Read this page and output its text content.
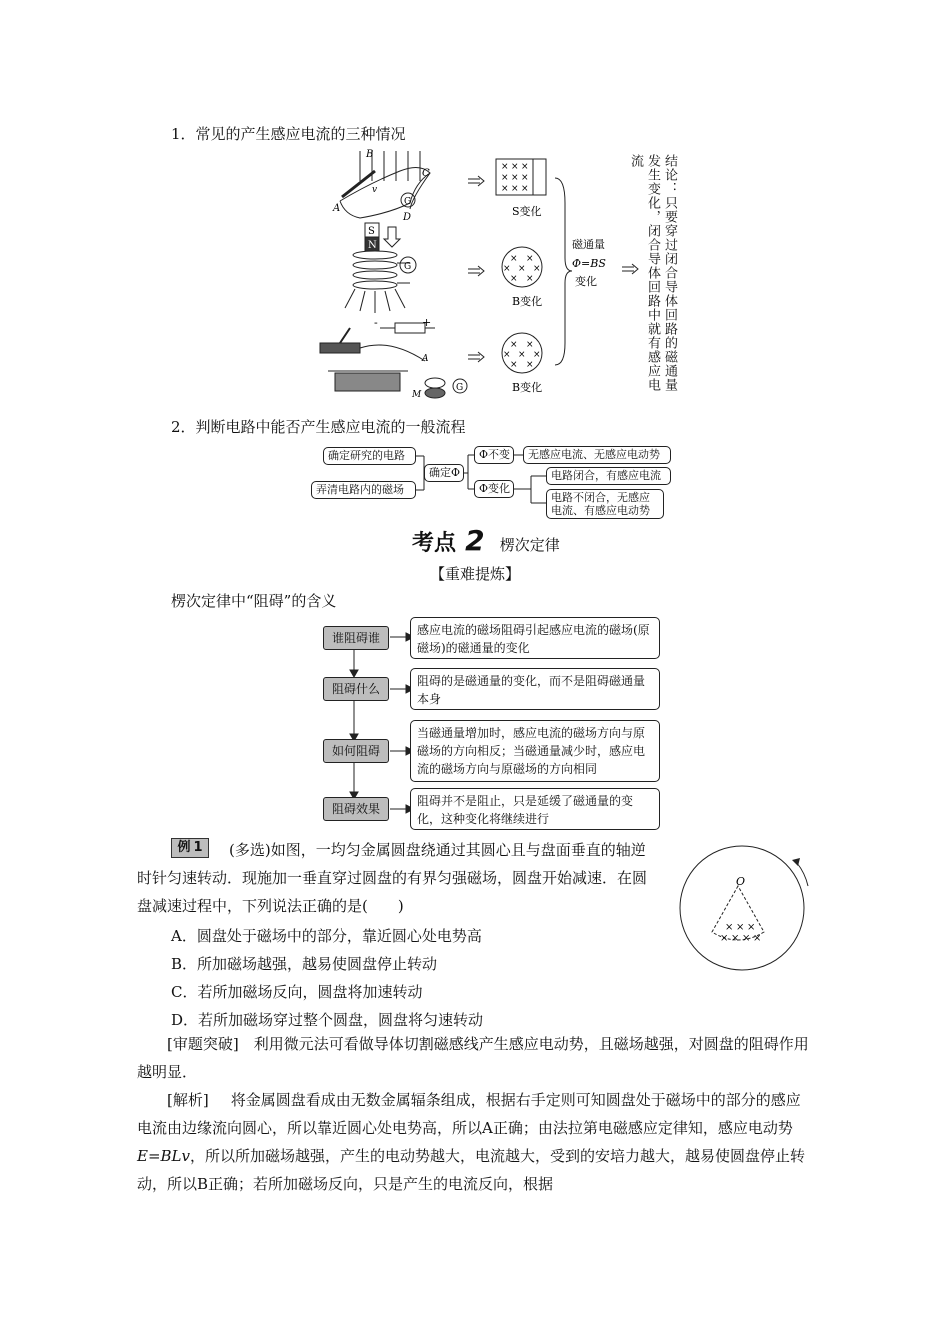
1．常见的产生感应电流的三种情况
B
C
A
D
G
v
S
N
G
-	+
A
M
G
× × ×
× × ×
× × ×
S变化
× ×
× × ×
× ×
B变化
× ×
× × ×
× ×
B变化
磁通量
Φ=BS
变化	结论：只要穿过闭合导体回路的磁通量发生变化，闭合导体回路中就有感应电流
2．判断电路中能否产生感应电流的一般流程
确定研究的电路
弄清电路内的磁场
确定Φ
Φ不变
Φ变化
无感应电流、无感应电动势
电路闭合，有感应电流
电路不闭合，无感应
电流、有感应电动势
考点 2 楞次定律
【重难提炼】
楞次定律中“阻碍”的含义
谁阻碍谁
阻碍什么
如何阻碍
阻碍效果
感应电流的磁场阻碍引起感应电流的磁场(原磁场)的磁通量的变化
阻碍的是磁通量的变化，而不是阻碍磁通量本身
当磁通量增加时，感应电流的磁场方向与原磁场的方向相反；当磁通量减少时，感应电流的磁场方向与原磁场的方向相同
阻碍并不是阻止，只是延缓了磁通量的变化，这种变化将继续进行
例 1	(多选)如图，一均匀金属圆盘绕通过其圆心且与盘面垂直的轴逆时针匀速转动．现施加一垂直穿过圆盘的有界匀强磁场，圆盘开始减速．在圆盘减速过程中，下列说法正确的是(　　)
A．圆盘处于磁场中的部分，靠近圆心处电势高
B．所加磁场越强，越易使圆盘停止转动
C．若所加磁场反向，圆盘将加速转动
D．若所加磁场穿过整个圆盘，圆盘将匀速转动
O
× × ×
× × × ×
[审题突破]　利用微元法可看做导体切割磁感线产生感应电动势，且磁场越强，对圆盘的阻碍作用越明显．
[解析] 将金属圆盘看成由无数金属辐条组成，根据右手定则可知圆盘处于磁场中的部分的感应电流由边缘流向圆心，所以靠近圆心处电势高，所以A正确；由法拉第电磁感应定律知，感应电动势E=BLv，所以所加磁场越强，产生的电动势越大，电流越大，受到的安培力越大，越易使圆盘停止转动，所以B正确；若所加磁场反向，只是产生的电流反向，根据
